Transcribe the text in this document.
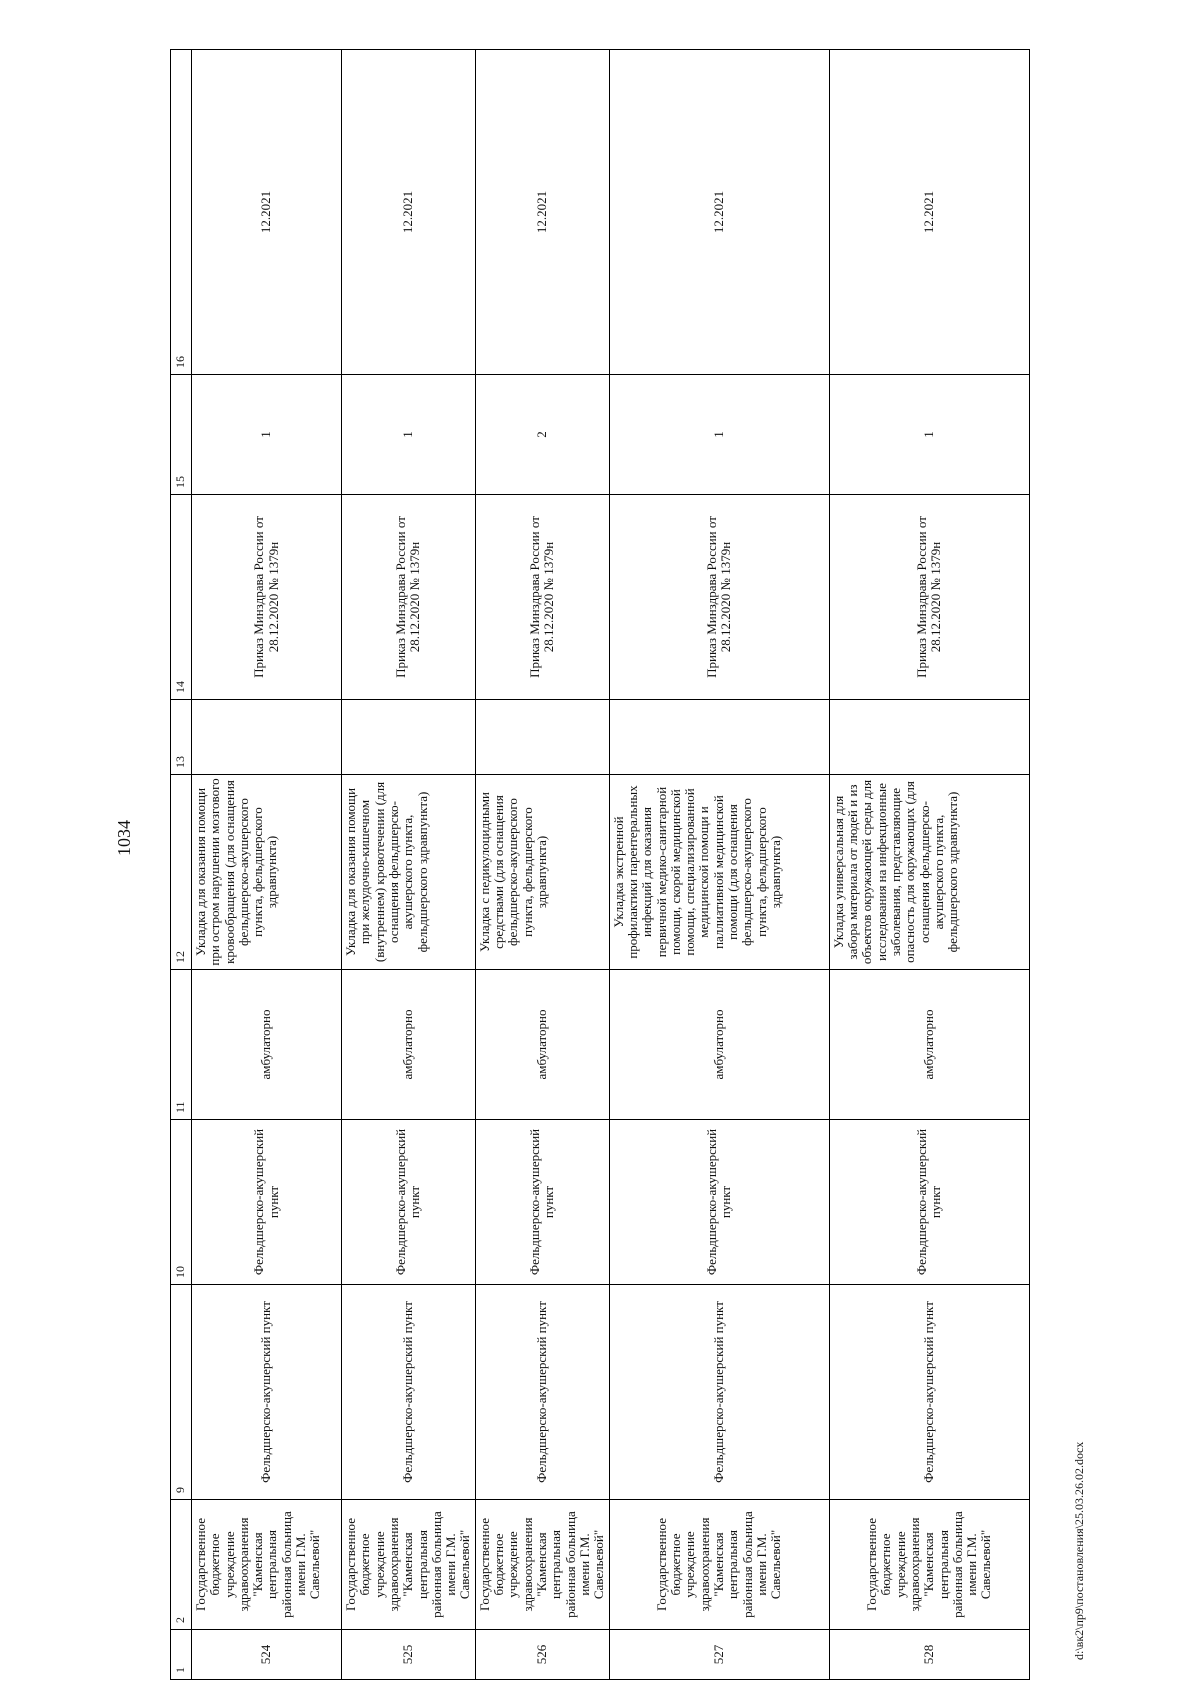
1034
1	2	9	10	11	12	13	14	15	16
524	Государственное бюджетное учреждение здравоохранения "Каменская центральная районная больница имени Г.М. Савельевой"	Фельдшерско-акушерский пункт	Фельдшерско-акушерский пункт	амбулаторно	Укладка для оказания помощи при остром нарушении мозгового кровообращения (для оснащения фельдшерско-акушерского пункта, фельдшерского здравпункта)		Приказ Минздрава России от 28.12.2020 № 1379н	1	12.2021
525	Государственное бюджетное учреждение здравоохранения "Каменская центральная районная больница имени Г.М. Савельевой"	Фельдшерско-акушерский пункт	Фельдшерско-акушерский пункт	амбулаторно	Укладка для оказания помощи при желудочно-кишечном (внутреннем) кровотечении (для оснащения фельдшерско-акушерского пункта, фельдшерского здравпункта)		Приказ Минздрава России от 28.12.2020 № 1379н	1	12.2021
526	Государственное бюджетное учреждение здравоохранения "Каменская центральная районная больница имени Г.М. Савельевой"	Фельдшерско-акушерский пункт	Фельдшерско-акушерский пункт	амбулаторно	Укладка с педикулоцидными средствами (для оснащения фельдшерско-акушерского пункта, фельдшерского здравпункта)		Приказ Минздрава России от 28.12.2020 № 1379н	2	12.2021
527	Государственное бюджетное учреждение здравоохранения "Каменская центральная районная больница имени Г.М. Савельевой"	Фельдшерско-акушерский пункт	Фельдшерско-акушерский пункт	амбулаторно	Укладка экстренной профилактики парентеральных инфекций для оказания первичной медико-санитарной помощи, скорой медицинской помощи, специализированной медицинской помощи и паллиативной медицинской помощи (для оснащения фельдшерско-акушерского пункта, фельдшерского здравпункта)		Приказ Минздрава России от 28.12.2020 № 1379н	1	12.2021
528	Государственное бюджетное учреждение здравоохранения "Каменская центральная районная больница имени Г.М. Савельевой"	Фельдшерско-акушерский пункт	Фельдшерско-акушерский пункт	амбулаторно	Укладка универсальная для забора материала от людей и из объектов окружающей среды для исследования на инфекционные заболевания, представляющие опасность для окружающих (для оснащения фельдшерско-акушерского пункта, фельдшерского здравпункта)		Приказ Минздрава России от 28.12.2020 № 1379н	1	12.2021
d:\вк2\пр9\постановления\25.03.26.02.docx
